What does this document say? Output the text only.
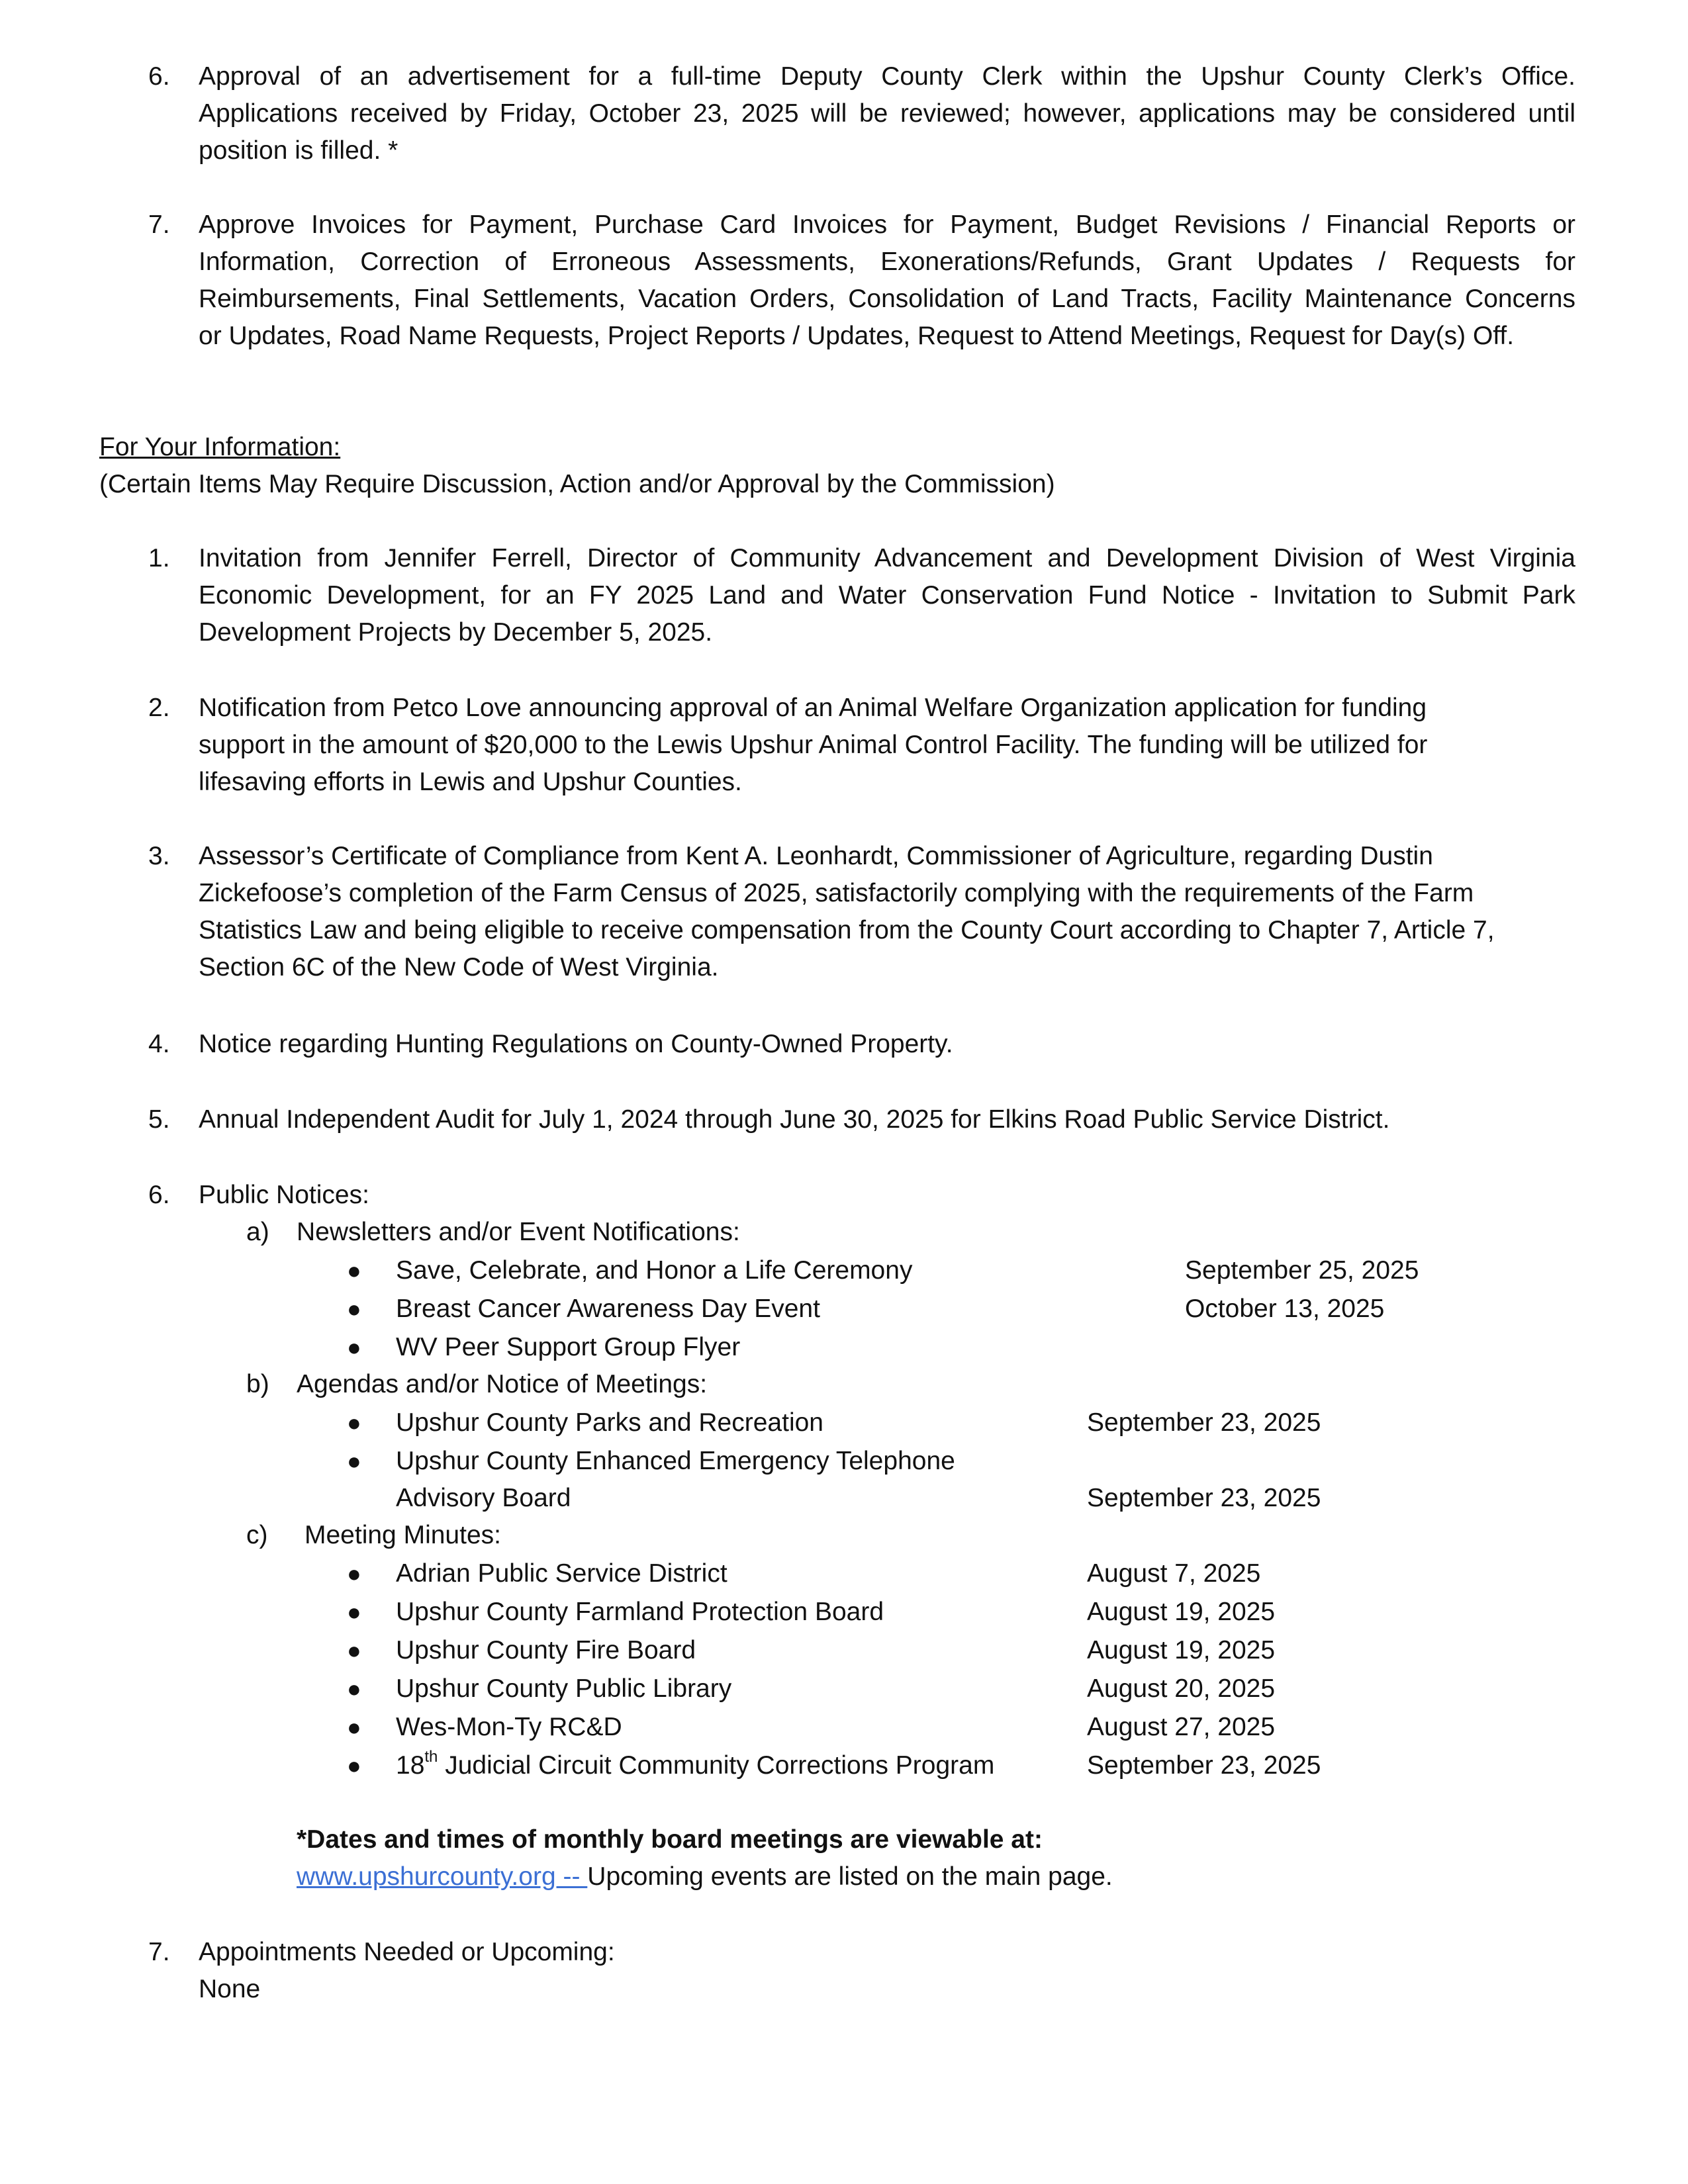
6. Approval of an advertisement for a full-time Deputy County Clerk within the Upshur County Clerk’s Office.
Applications received by Friday, October 23, 2025 will be reviewed; however, applications may be considered until
position is filled. *
7. Approve Invoices for Payment, Purchase Card Invoices for Payment, Budget Revisions / Financial Reports or
Information, Correction of Erroneous Assessments, Exonerations/Refunds, Grant Updates / Requests for
Reimbursements, Final Settlements, Vacation Orders, Consolidation of Land Tracts, Facility Maintenance Concerns
or Updates, Road Name Requests, Project Reports / Updates, Request to Attend Meetings, Request for Day(s) Off.
For Your Information:
(Certain Items May Require Discussion, Action and/or Approval by the Commission)
1. Invitation from Jennifer Ferrell, Director of Community Advancement and Development Division of West Virginia
Economic Development, for an FY 2025 Land and Water Conservation Fund Notice - Invitation to Submit Park
Development Projects by December 5, 2025.
2. Notification from Petco Love announcing approval of an Animal Welfare Organization application for funding
support in the amount of $20,000 to the Lewis Upshur Animal Control Facility. The funding will be utilized for
lifesaving efforts in Lewis and Upshur Counties.
3. Assessor’s Certificate of Compliance from Kent A. Leonhardt, Commissioner of Agriculture, regarding Dustin
Zickefoose’s completion of the Farm Census of 2025, satisfactorily complying with the requirements of the Farm
Statistics Law and being eligible to receive compensation from the County Court according to Chapter 7, Article 7,
Section 6C of the New Code of West Virginia.
4. Notice regarding Hunting Regulations on County-Owned Property.
5. Annual Independent Audit for July 1, 2024 through June 30, 2025 for Elkins Road Public Service District.
6. Public Notices:
a) Newsletters and/or Event Notifications:
● Save, Celebrate, and Honor a Life Ceremony	September 25, 2025
● Breast Cancer Awareness Day Event	October 13, 2025
● WV Peer Support Group Flyer
b) Agendas and/or Notice of Meetings:
● Upshur County Parks and Recreation	September 23, 2025
● Upshur County Enhanced Emergency Telephone
Advisory Board	September 23, 2025
c) Meeting Minutes:
● Adrian Public Service District	August 7, 2025
● Upshur County Farmland Protection Board	August 19, 2025
● Upshur County Fire Board	August 19, 2025
● Upshur County Public Library	August 20, 2025
● Wes-Mon-Ty RC&D	August 27, 2025
● 18th Judicial Circuit Community Corrections Program	September 23, 2025
*Dates and times of monthly board meetings are viewable at:
www.upshurcounty.org -- Upcoming events are listed on the main page.
7. Appointments Needed or Upcoming:
None
